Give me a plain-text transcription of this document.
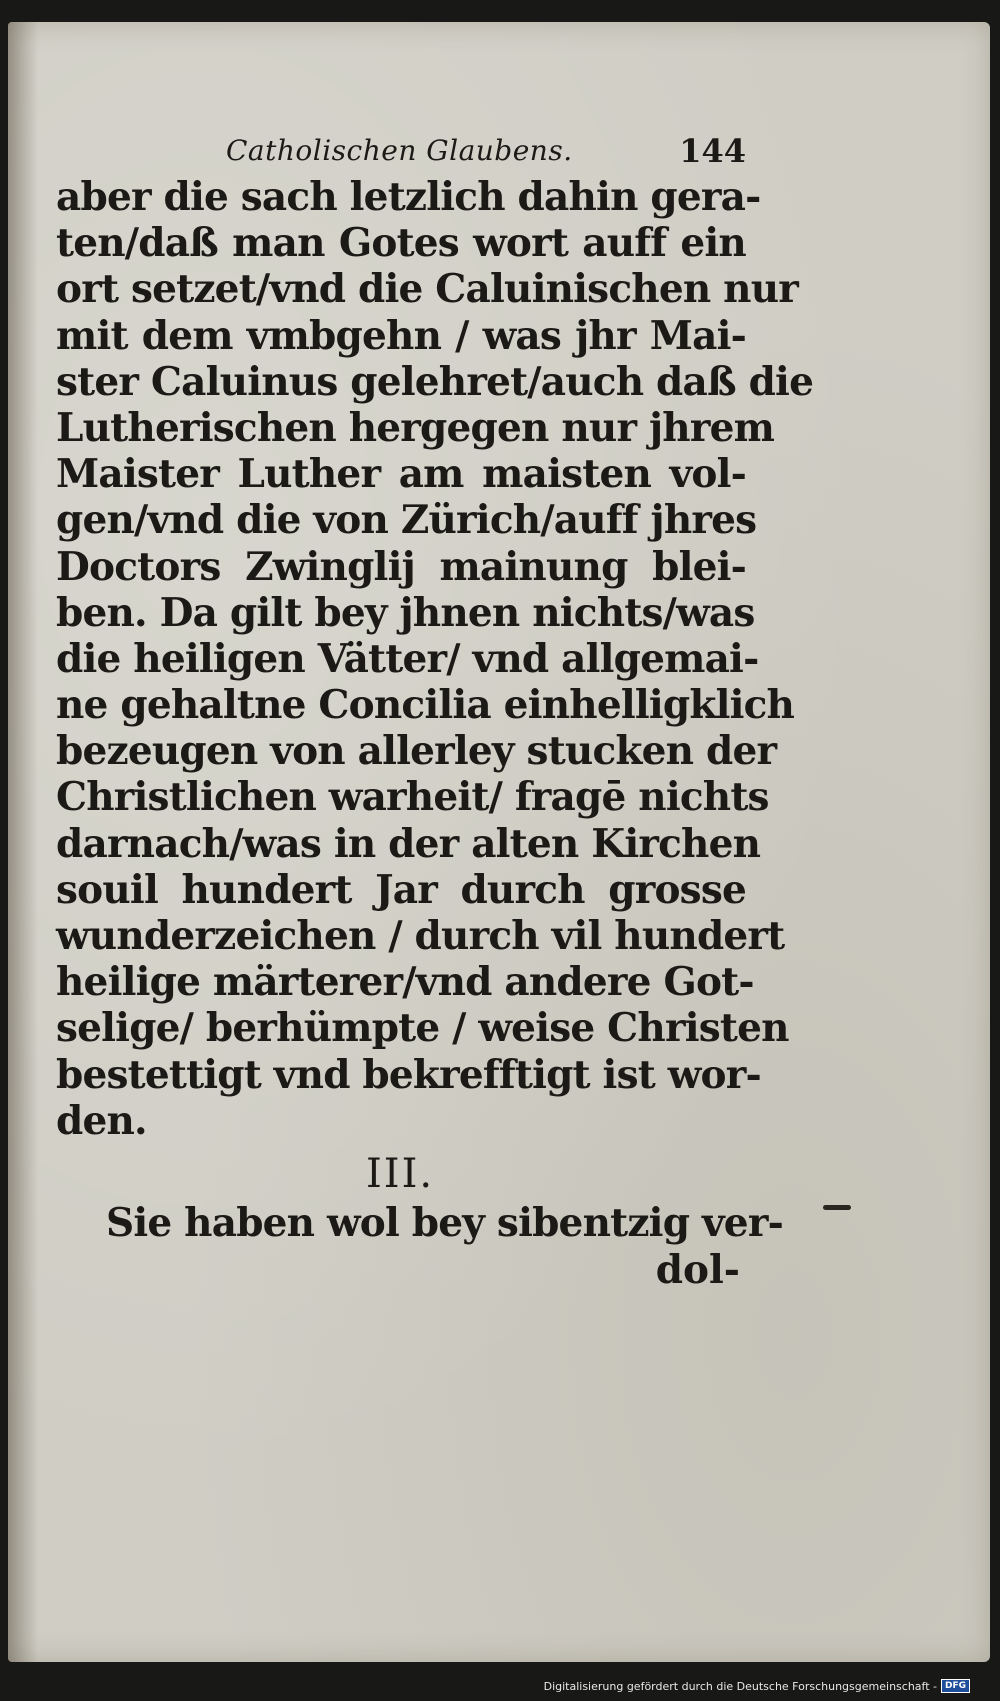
Catholischen Glaubens.	144
aber die sach letzlich dahin gera-
ten/daß man Gotes wort auff ein
ort setzet/vnd die Caluinischen nur
mit dem vmbgehn / was jhr Mai-
ster Caluinus gelehret/auch daß die
Lutherischen hergegen nur jhrem
Maister Luther am maisten vol-
gen/vnd die von Zürich/auff jhres
Doctors Zwinglij mainung blei-
ben. Da gilt bey jhnen nichts/was
die heiligen Vätter/ vnd allgemai-
ne gehaltne Concilia einhelligklich
bezeugen von allerley stucken der
Christlichen warheit/ fragē nichts
darnach/was in der alten Kirchen
souil hundert Jar durch grosse
wunderzeichen / durch vil hundert
heilige märterer/vnd andere Got-
selige/ berhümpte / weise Christen
bestettigt vnd bekrefftigt ist wor-
den.
III.
Sie haben wol bey sibentzig ver-
dol-
Digitalisierung gefördert durch die Deutsche Forschungsgemeinschaft - DFG
